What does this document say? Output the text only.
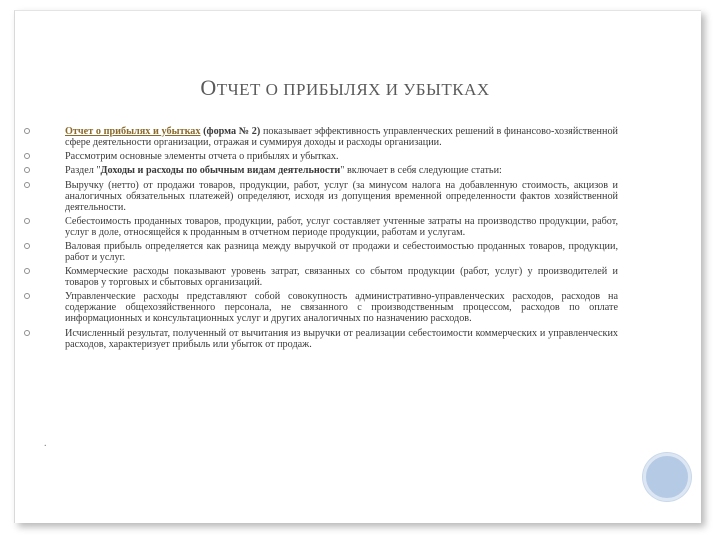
ОТЧЕТ О ПРИБЫЛЯХ И УБЫТКАХ
Отчет о прибылях и убытках (форма № 2) показывает эффективность управленческих решений в финансово-хозяйственной сфере деятельности организации, отражая и суммируя доходы и расходы организации.
Рассмотрим основные элементы отчета о прибылях и убытках.
Раздел "Доходы и расходы по обычным видам деятельности" включает в себя следующие статьи:
Выручку (нетто) от продажи товаров, продукции, работ, услуг (за минусом налога на добавленную стоимость, акцизов и аналогичных обязательных платежей) определяют, исходя из допущения временной определенности фактов хозяйственной деятельности.
Себестоимость проданных товаров, продукции, работ, услуг составляет учтенные затраты на производство продукции, работ, услуг в доле, относящейся к проданным в отчетном периоде продукции, работам и услугам.
Валовая прибыль определяется как разница между выручкой от продажи и себестоимостью проданных товаров, продукции, работ и услуг.
Коммерческие расходы показывают уровень затрат, связанных со сбытом продукции (работ, услуг) у производителей и товаров у торговых и сбытовых организаций.
Управленческие расходы представляют собой совокупность административно-управленческих расходов, расходов на содержание общехозяйственного персонала, не связанного с производственным процессом, расходов по оплате информационных и консультационных услуг и других аналогичных по назначению расходов.
Исчисленный результат, полученный от вычитания из выручки от реализации себестоимости коммерческих и управленческих расходов, характеризует прибыль или убыток от продаж.
.
